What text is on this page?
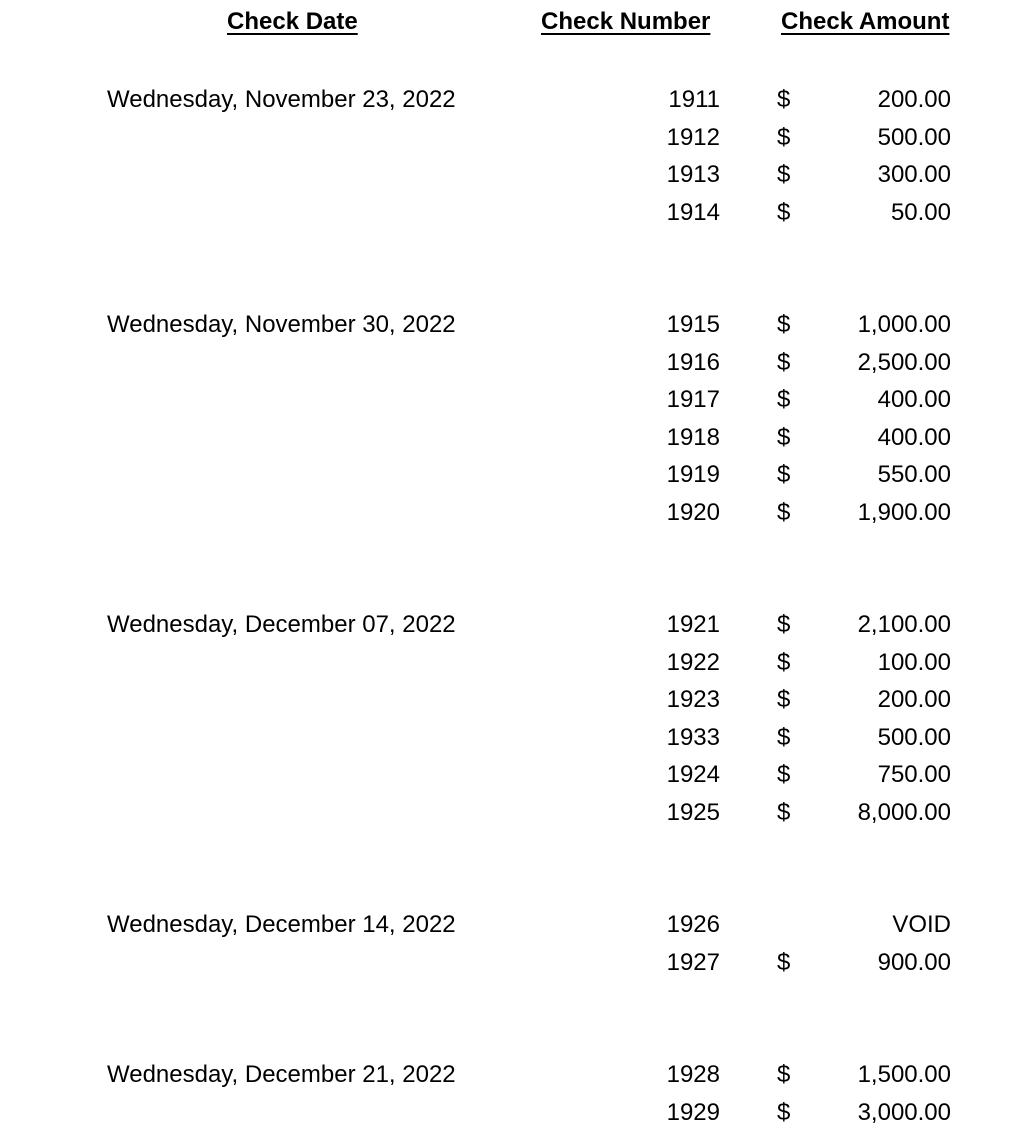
Check Date	Check Number	Check Amount
Wednesday, November 23, 2022	1911 $	200.00
1912 $	500.00
1913 $	300.00
1914 $	50.00
Wednesday, November 30, 2022	1915 $	1,000.00
1916 $	2,500.00
1917 $	400.00
1918 $	400.00
1919 $	550.00
1920 $	1,900.00
Wednesday, December 07, 2022	1921 $	2,100.00
1922 $	100.00
1923 $	200.00
1933 $	500.00
1924 $	750.00
1925 $	8,000.00
Wednesday, December 14, 2022	1926	VOID
1927 $	900.00
Wednesday, December 21, 2022	1928 $	1,500.00
1929 $	3,000.00
